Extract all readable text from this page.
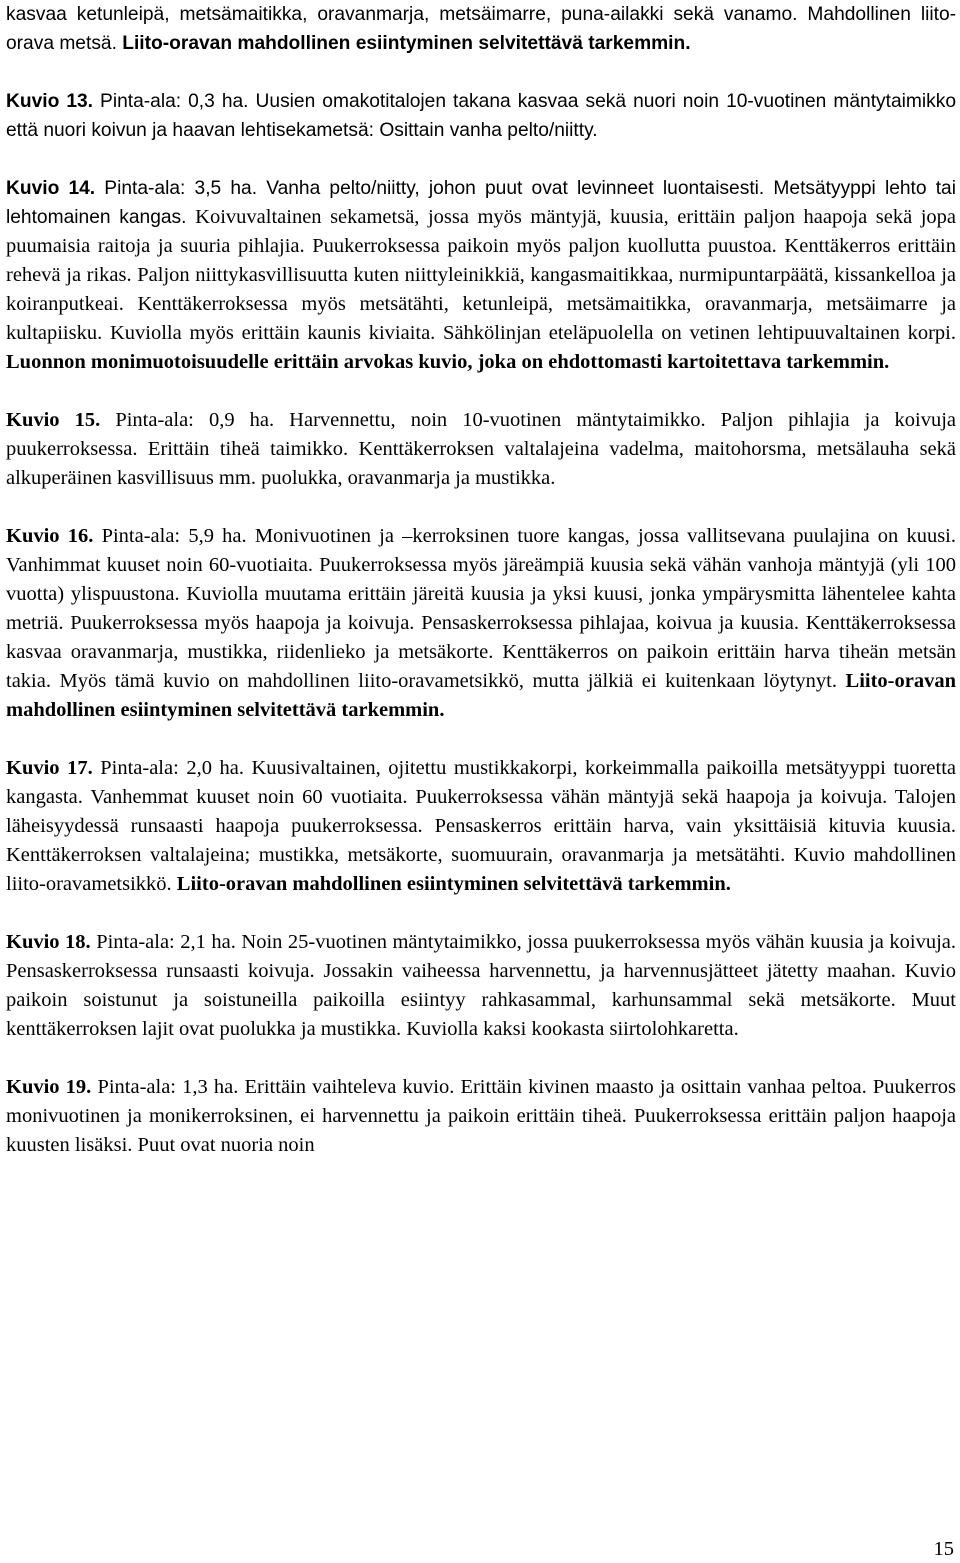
kasvaa ketunleipä, metsämaitikka, oravanmarja, metsäimarre, puna-ailakki sekä vanamo. Mahdollinen liito-orava metsä. Liito-oravan mahdollinen esiintyminen selvitettävä tarkemmin.

Kuvio 13. Pinta-ala: 0,3 ha. Uusien omakotitalojen takana kasvaa sekä nuori noin 10-vuotinen mäntytaimikko että nuori koivun ja haavan lehtisekametsä: Osittain vanha pelto/niitty.

Kuvio 14. Pinta-ala: 3,5 ha. Vanha pelto/niitty, johon puut ovat levinneet luontaisesti. Metsätyyppi lehto tai lehtomainen kangas. Koivuvaltainen sekametsä, jossa myös mäntyjä, kuusia, erittäin paljon haapoja sekä jopa puumaisia raitoja ja suuria pihlajia. Puukerroksessa paikoin myös paljon kuollutta puustoa. Kenttäkerros erittäin rehevä ja rikas. Paljon niittykasvillisuutta kuten niittyleinikkiä, kangasmaitikkaa, nurmipuntarpäätä, kissankelloa ja koiranputkeai. Kenttäkerroksessa myös metsätähti, ketunleipä, metsämaitikka, oravanmarja, metsäimarre ja kultapiisku. Kuviolla myös erittäin kaunis kiviaita. Sähkölinjan eteläpuolella on vetinen lehtipuuvaltainen korpi. Luonnon monimuotoisuudelle erittäin arvokas kuvio, joka on ehdottomasti kartoitettava tarkemmin.

Kuvio 15. Pinta-ala: 0,9 ha. Harvennettu, noin 10-vuotinen mäntytaimikko. Paljon pihlajia ja koivuja puukerroksessa. Erittäin tiheä taimikko. Kenttäkerroksen valtalajeina vadelma, maitohorsma, metsälauha sekä alkuperäinen kasvillisuus mm. puolukka, oravanmarja ja mustikka.

Kuvio 16. Pinta-ala: 5,9 ha. Monivuotinen ja –kerroksinen tuore kangas, jossa vallitsevana puulajina on kuusi. Vanhimmat kuuset noin 60-vuotiaita. Puukerroksessa myös järeämpiä kuusia sekä vähän vanhoja mäntyjä (yli 100 vuotta) ylispuustona. Kuviolla muutama erittäin järeitä kuusia ja yksi kuusi, jonka ympärysmitta lähentelee kahta metriä. Puukerroksessa myös haapoja ja koivuja. Pensaskerroksessa pihlajaa, koivua ja kuusia. Kenttäkerroksessa kasvaa oravanmarja, mustikka, riidenlieko ja metsäkorte. Kenttäkerros on paikoin erittäin harva tiheän metsän takia. Myös tämä kuvio on mahdollinen liito-oravametsikkö, mutta jälkiä ei kuitenkaan löytynyt. Liito-oravan mahdollinen esiintyminen selvitettävä tarkemmin.

Kuvio 17. Pinta-ala: 2,0 ha. Kuusivaltainen, ojitettu mustikkakorpi, korkeimmalla paikoilla metsätyyppi tuoretta kangasta. Vanhemmat kuuset noin 60 vuotiaita. Puukerroksessa vähän mäntyjä sekä haapoja ja koivuja. Talojen läheisyydessä runsaasti haapoja puukerroksessa. Pensaskerros erittäin harva, vain yksittäisiä kituvia kuusia. Kenttäkerroksen valtalajeina; mustikka, metsäkorte, suomuurain, oravanmarja ja metsätähti. Kuvio mahdollinen liito-oravametsikkö. Liito-oravan mahdollinen esiintyminen selvitettävä tarkemmin.

Kuvio 18. Pinta-ala: 2,1 ha. Noin 25-vuotinen mäntytaimikko, jossa puukerroksessa myös vähän kuusia ja koivuja. Pensaskerroksessa runsaasti koivuja. Jossakin vaiheessa harvennettu, ja harvennusjätteet jätetty maahan. Kuvio paikoin soistunut ja soistuneilla paikoilla esiintyy rahkasammal, karhunsammal sekä metsäkorte. Muut kenttäkerroksen lajit ovat puolukka ja mustikka. Kuviolla kaksi kookasta siirtolohkaretta.

Kuvio 19. Pinta-ala: 1,3 ha. Erittäin vaihteleva kuvio. Erittäin kivinen maasto ja osittain vanhaa peltoa. Puukerros monivuotinen ja monikerroksinen, ei harvennettu ja paikoin erittäin tiheä. Puukerroksessa erittäin paljon haapoja kuusten lisäksi. Puut ovat nuoria noin

15
